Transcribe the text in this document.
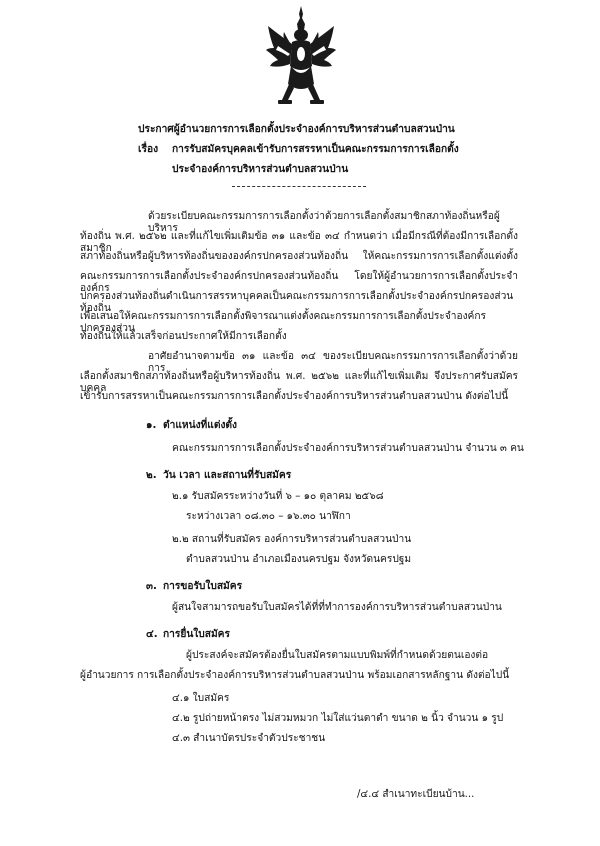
ประกาศผู้อำนวยการการเลือกตั้งประจำองค์การบริหารส่วนตำบลสวนป่าน
เรื่อง การรับสมัครบุคคลเข้ารับการสรรหาเป็นคณะกรรมการการเลือกตั้ง
ประจำองค์การบริหารส่วนตำบลสวนป่าน
ด้วยระเบียบคณะกรรมการการเลือกตั้งว่าด้วยการเลือกตั้งสมาชิกสภาท้องถิ่นหรือผู้บริหาร
ท้องถิ่น พ.ศ. ๒๕๖๒ และที่แก้ไขเพิ่มเติมข้อ ๓๑ และข้อ ๓๔ กำหนดว่า เมื่อมีกรณีที่ต้องมีการเลือกตั้งสมาชิก
สภาท้องถิ่นหรือผู้บริหารท้องถิ่นขององค์กรปกครองส่วนท้องถิ่น ให้คณะกรรมการการเลือกตั้งแต่งตั้ง
คณะกรรมการการเลือกตั้งประจำองค์กรปกครองส่วนท้องถิ่น โดยให้ผู้อำนวยการการเลือกตั้งประจำองค์กร
ปกครองส่วนท้องถิ่นดำเนินการสรรหาบุคคลเป็นคณะกรรมการการเลือกตั้งประจำองค์กรปกครองส่วนท้องถิ่น
เพื่อเสนอให้คณะกรรมการการเลือกตั้งพิจารณาแต่งตั้งคณะกรรมการการเลือกตั้งประจำองค์กรปกครองส่วน
ท้องถิ่นให้แล้วเสร็จก่อนประกาศให้มีการเลือกตั้ง
อาศัยอำนาจตามข้อ ๓๑ และข้อ ๓๔ ของระเบียบคณะกรรมการการเลือกตั้งว่าด้วยการ
เลือกตั้งสมาชิกสภาท้องถิ่นหรือผู้บริหารท้องถิ่น พ.ศ. ๒๕๖๒ และที่แก้ไขเพิ่มเติม จึงประกาศรับสมัครบุคคล
เข้ารับการสรรหาเป็นคณะกรรมการการเลือกตั้งประจำองค์การบริหารส่วนตำบลสวนป่าน ดังต่อไปนี้
๑. ตำแหน่งที่แต่งตั้ง
คณะกรรมการการเลือกตั้งประจำองค์การบริหารส่วนตำบลสวนป่าน จำนวน ๓ คน
๒. วัน เวลา และสถานที่รับสมัคร
๒.๑ รับสมัครระหว่างวันที่ ๖ – ๑๐ ตุลาคม ๒๕๖๘
ระหว่างเวลา ๐๘.๓๐ – ๑๖.๓๐ นาฬิกา
๒.๒ สถานที่รับสมัคร องค์การบริหารส่วนตำบลสวนป่าน
ตำบลสวนป่าน อำเภอเมืองนครปฐม จังหวัดนครปฐม
๓. การขอรับใบสมัคร
ผู้สนใจสามารถขอรับใบสมัครได้ที่ที่ทำการองค์การบริหารส่วนตำบลสวนป่าน
๔. การยื่นใบสมัคร
ผู้ประสงค์จะสมัครต้องยื่นใบสมัครตามแบบพิมพ์ที่กำหนดด้วยตนเองต่อ
ผู้อำนวยการ การเลือกตั้งประจำองค์การบริหารส่วนตำบลสวนป่าน พร้อมเอกสารหลักฐาน ดังต่อไปนี้
๔.๑ ใบสมัคร
๔.๒ รูปถ่ายหน้าตรง ไม่สวมหมวก ไม่ใส่แว่นตาดำ ขนาด ๒ นิ้ว จำนวน ๑ รูป
๔.๓ สำเนาบัตรประจำตัวประชาชน
/๔.๔ สำเนาทะเบียนบ้าน...
